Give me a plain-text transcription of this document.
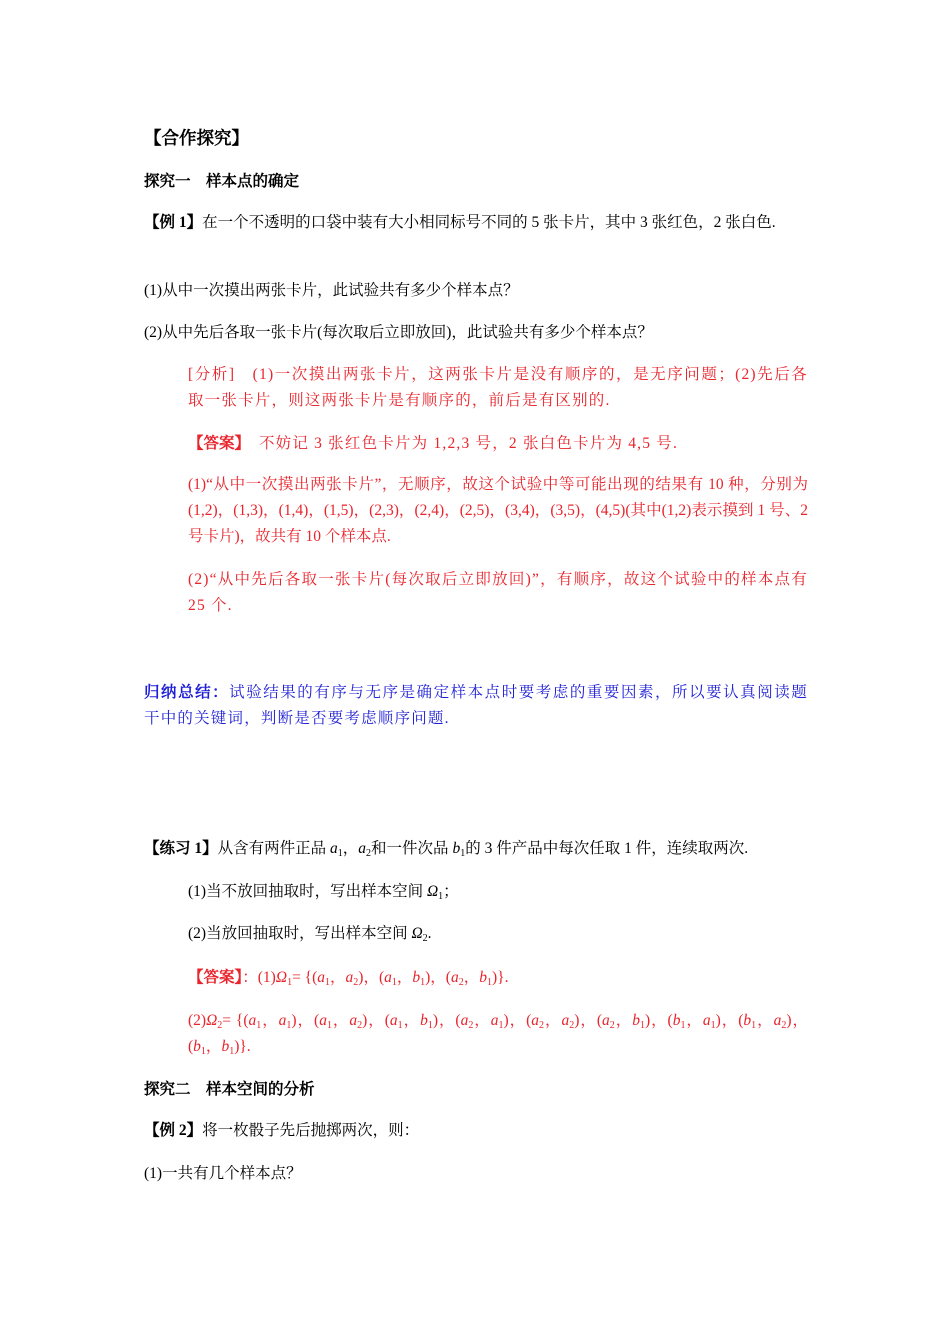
【合作探究】
探究一　样本点的确定
【例 1】在一个不透明的口袋中装有大小相同标号不同的 5 张卡片，其中 3 张红色，2 张白色.
(1)从中一次摸出两张卡片，此试验共有多少个样本点？
(2)从中先后各取一张卡片(每次取后立即放回)，此试验共有多少个样本点？
[分析]　(1)一次摸出两张卡片，这两张卡片是没有顺序的，是无序问题；(2)先后各取一张卡片，则这两张卡片是有顺序的，前后是有区别的.
【答案】　不妨记 3 张红色卡片为 1,2,3 号，2 张白色卡片为 4,5 号.
(1)“从中一次摸出两张卡片”，无顺序，故这个试验中等可能出现的结果有 10 种，分别为(1,2)，(1,3)，(1,4)，(1,5)，(2,3)，(2,4)，(2,5)，(3,4)，(3,5)，(4,5)(其中(1,2)表示摸到 1 号、2 号卡片)，故共有 10 个样本点.
(2)“从中先后各取一张卡片(每次取后立即放回)”，有顺序，故这个试验中的样本点有 25 个.
归纳总结：试验结果的有序与无序是确定样本点时要考虑的重要因素，所以要认真阅读题干中的关键词，判断是否要考虑顺序问题.
【练习 1】从含有两件正品 $a_1$，$a_2$和一件次品 $b_1$的 3 件产品中每次任取 1 件，连续取两次.
(1)当不放回抽取时，写出样本空间 $\Omega_1$；
(2)当放回抽取时，写出样本空间 $\Omega_2$.
【答案】：$(1)\Omega_1= \{(a_1$，$a_2$)，($a_1$，$b_1$)，($a_2$，$b_1$)}.
$(2)\Omega_2= \{(a_1$，$a_1$)，($a_1$，$a_2$)，($a_1$，$b_1$)，($a_2$，$a_1$)，($a_2$，$a_2$)，($a_2$，$b_1$)，($b_1$，$a_1$)，($b_1$，$a_2$)，($b_1$，$b_1$)}.
探究二　样本空间的分析
【例 2】将一枚骰子先后抛掷两次，则：
(1)一共有几个样本点？
